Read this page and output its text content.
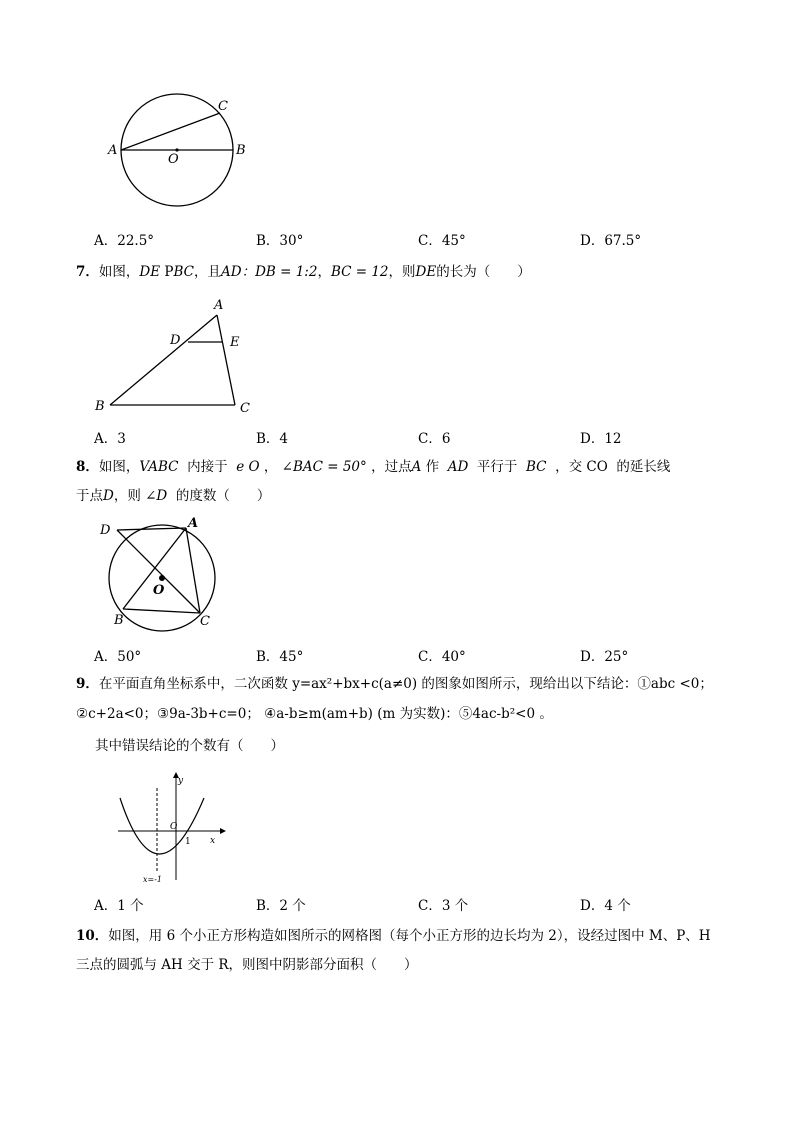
A	B
C
O
A．22.5°	B．30°	C．45°	D．67.5°
7．如图，DE PBC，且AD：DB = 1:2，BC = 12，则DE的长为（　　）
A
D	E
B	C
A．3	B．4	C．6	D．12
8．如图，VABC 内接于 e O ， ∠BAC = 50° ，过点A 作 AD 平行于 BC ，交 CO 的延长线
于点D，则 ∠D 的度数（　　）
D	A
O
B	C
A．50°	B．45°	C．40°	D．25°
9．在平面直角坐标系中，二次函数 y=ax²+bx+c(a≠0) 的图象如图所示，现给出以下结论：①abc <0；
②c+2a<0；③9a-3b+c=0； ④a-b≥m(am+b) (m 为实数)：⑤4ac-b²<0 。
其中错误结论的个数有（　　）
y
x
O
1
x=-1
A．1 个	B．2 个	C．3 个	D．4 个
10．如图，用 6 个小正方形构造如图所示的网格图（每个小正方形的边长均为 2），设经过图中 M、P、H
三点的圆弧与 AH 交于 R，则图中阴影部分面积（　　）
